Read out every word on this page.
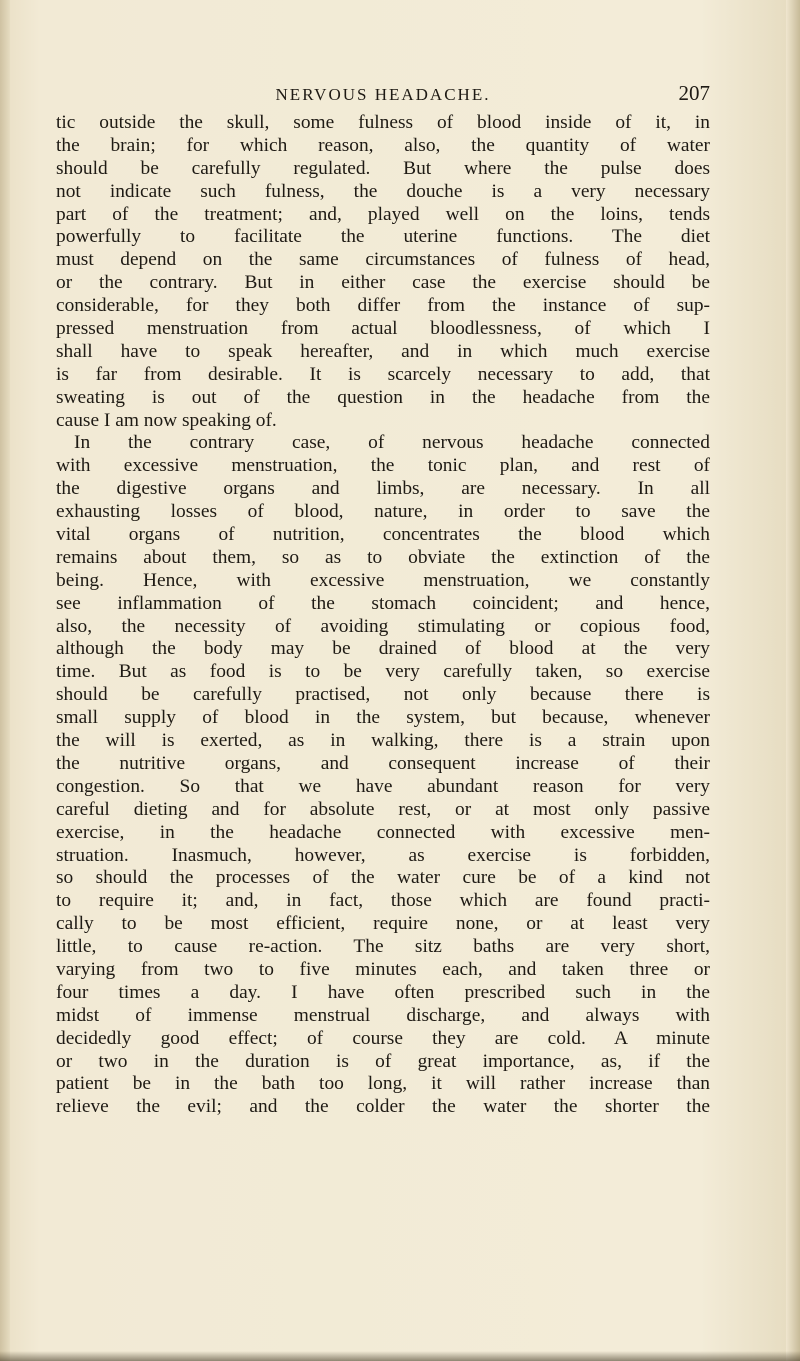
NERVOUS HEADACHE.	207
tic outside the skull, some fulness of blood inside of it, in
the brain; for which reason, also, the quantity of water
should be carefully regulated. But where the pulse does
not indicate such fulness, the douche is a very necessary
part of the treatment; and, played well on the loins, tends
powerfully to facilitate the uterine functions. The diet
must depend on the same circumstances of fulness of head,
or the contrary. But in either case the exercise should be
considerable, for they both differ from the instance of sup-
pressed menstruation from actual bloodlessness, of which I
shall have to speak hereafter, and in which much exercise
is far from desirable. It is scarcely necessary to add, that
sweating is out of the question in the headache from the
cause I am now speaking of.
In the contrary case, of nervous headache connected
with excessive menstruation, the tonic plan, and rest of
the digestive organs and limbs, are necessary. In all
exhausting losses of blood, nature, in order to save the
vital organs of nutrition, concentrates the blood which
remains about them, so as to obviate the extinction of the
being. Hence, with excessive menstruation, we constantly
see inflammation of the stomach coincident; and hence,
also, the necessity of avoiding stimulating or copious food,
although the body may be drained of blood at the very
time. But as food is to be very carefully taken, so exercise
should be carefully practised, not only because there is
small supply of blood in the system, but because, whenever
the will is exerted, as in walking, there is a strain upon
the nutritive organs, and consequent increase of their
congestion. So that we have abundant reason for very
careful dieting and for absolute rest, or at most only passive
exercise, in the headache connected with excessive men-
struation. Inasmuch, however, as exercise is forbidden,
so should the processes of the water cure be of a kind not
to require it; and, in fact, those which are found practi-
cally to be most efficient, require none, or at least very
little, to cause re-action. The sitz baths are very short,
varying from two to five minutes each, and taken three or
four times a day. I have often prescribed such in the
midst of immense menstrual discharge, and always with
decidedly good effect; of course they are cold. A minute
or two in the duration is of great importance, as, if the
patient be in the bath too long, it will rather increase than
relieve the evil; and the colder the water the shorter the
